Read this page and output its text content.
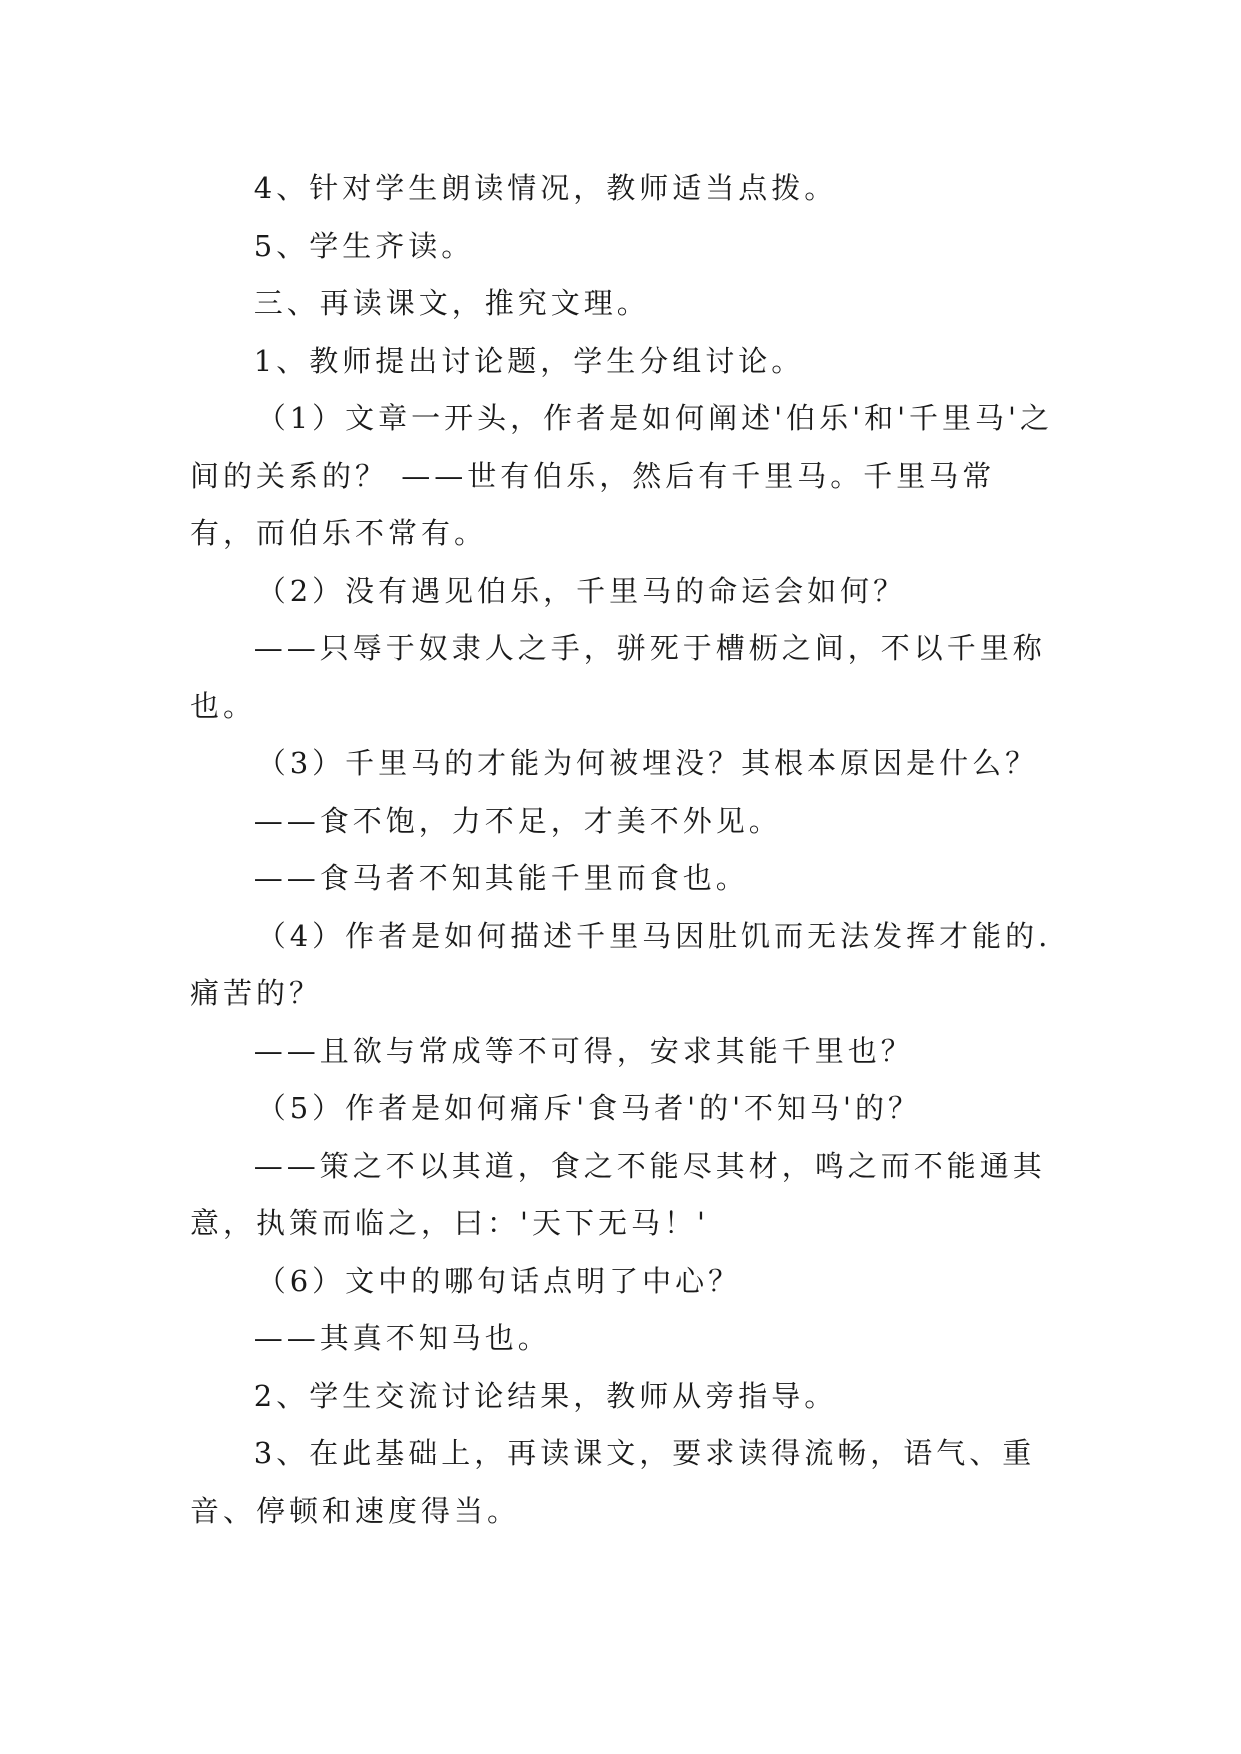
4、针对学生朗读情况，教师适当点拨。

5、学生齐读。

三、再读课文，推究文理。

1、教师提出讨论题，学生分组讨论。

（1）文章一开头，作者是如何阐述'伯乐'和'千里马'之间的关系的？ ——世有伯乐，然后有千里马。千里马常有，而伯乐不常有。

（2）没有遇见伯乐，千里马的命运会如何？

——只辱于奴隶人之手，骈死于槽枥之间，不以千里称也。

（3）千里马的才能为何被埋没？其根本原因是什么？

——食不饱，力不足，才美不外见。

——食马者不知其能千里而食也。

（4）作者是如何描述千里马因肚饥而无法发挥才能的.痛苦的？

——且欲与常成等不可得，安求其能千里也？

（5）作者是如何痛斥'食马者'的'不知马'的？

——策之不以其道，食之不能尽其材，鸣之而不能通其意，执策而临之，曰：'天下无马！'

（6）文中的哪句话点明了中心？

——其真不知马也。

2、学生交流讨论结果，教师从旁指导。

3、在此基础上，再读课文，要求读得流畅，语气、重音、停顿和速度得当。
